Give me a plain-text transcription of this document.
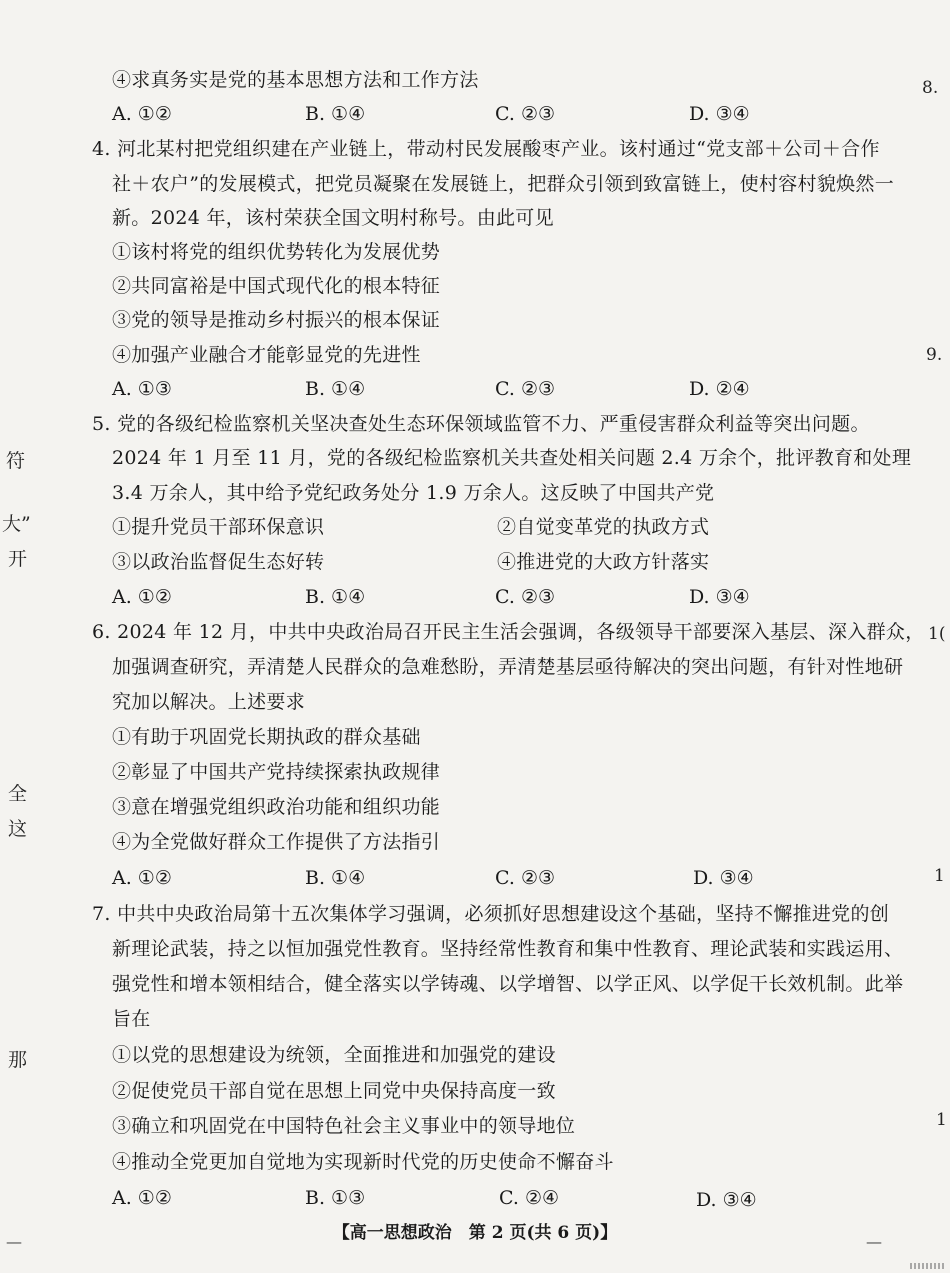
④求真务实是党的基本思想方法和工作方法
A. ①②	B. ①④	C. ②③	D. ③④
4. 河北某村把党组织建在产业链上，带动村民发展酸枣产业。该村通过“党支部＋公司＋合作
社＋农户”的发展模式，把党员凝聚在发展链上，把群众引领到致富链上，使村容村貌焕然一
新。2024 年，该村荣获全国文明村称号。由此可见
①该村将党的组织优势转化为发展优势
②共同富裕是中国式现代化的根本特征
③党的领导是推动乡村振兴的根本保证
④加强产业融合才能彰显党的先进性
A. ①③	B. ①④	C. ②③	D. ②④
5. 党的各级纪检监察机关坚决查处生态环保领域监管不力、严重侵害群众利益等突出问题。
2024 年 1 月至 11 月，党的各级纪检监察机关共查处相关问题 2.4 万余个，批评教育和处理
3.4 万余人，其中给予党纪政务处分 1.9 万余人。这反映了中国共产党
①提升党员干部环保意识	②自觉变革党的执政方式
③以政治监督促生态好转	④推进党的大政方针落实
A. ①②	B. ①④	C. ②③	D. ③④
6. 2024 年 12 月，中共中央政治局召开民主生活会强调，各级领导干部要深入基层、深入群众，
加强调查研究，弄清楚人民群众的急难愁盼，弄清楚基层亟待解决的突出问题，有针对性地研
究加以解决。上述要求
①有助于巩固党长期执政的群众基础
②彰显了中国共产党持续探索执政规律
③意在增强党组织政治功能和组织功能
④为全党做好群众工作提供了方法指引
A. ①②	B. ①④	C. ②③	D. ③④
7. 中共中央政治局第十五次集体学习强调，必须抓好思想建设这个基础，坚持不懈推进党的创
新理论武装，持之以恒加强党性教育。坚持经常性教育和集中性教育、理论武装和实践运用、
强党性和增本领相结合，健全落实以学铸魂、以学增智、以学正风、以学促干长效机制。此举
旨在
①以党的思想建设为统领，全面推进和加强党的建设
②促使党员干部自觉在思想上同党中央保持高度一致
③确立和巩固党在中国特色社会主义事业中的领导地位
④推动全党更加自觉地为实现新时代党的历史使命不懈奋斗
A. ①②	B. ①③	C. ②④	D. ③④
符
大”
开
全
这
那
8.
9.
1(
1
1
【高一思想政治　第 2 页(共 6 页)】
—	—
